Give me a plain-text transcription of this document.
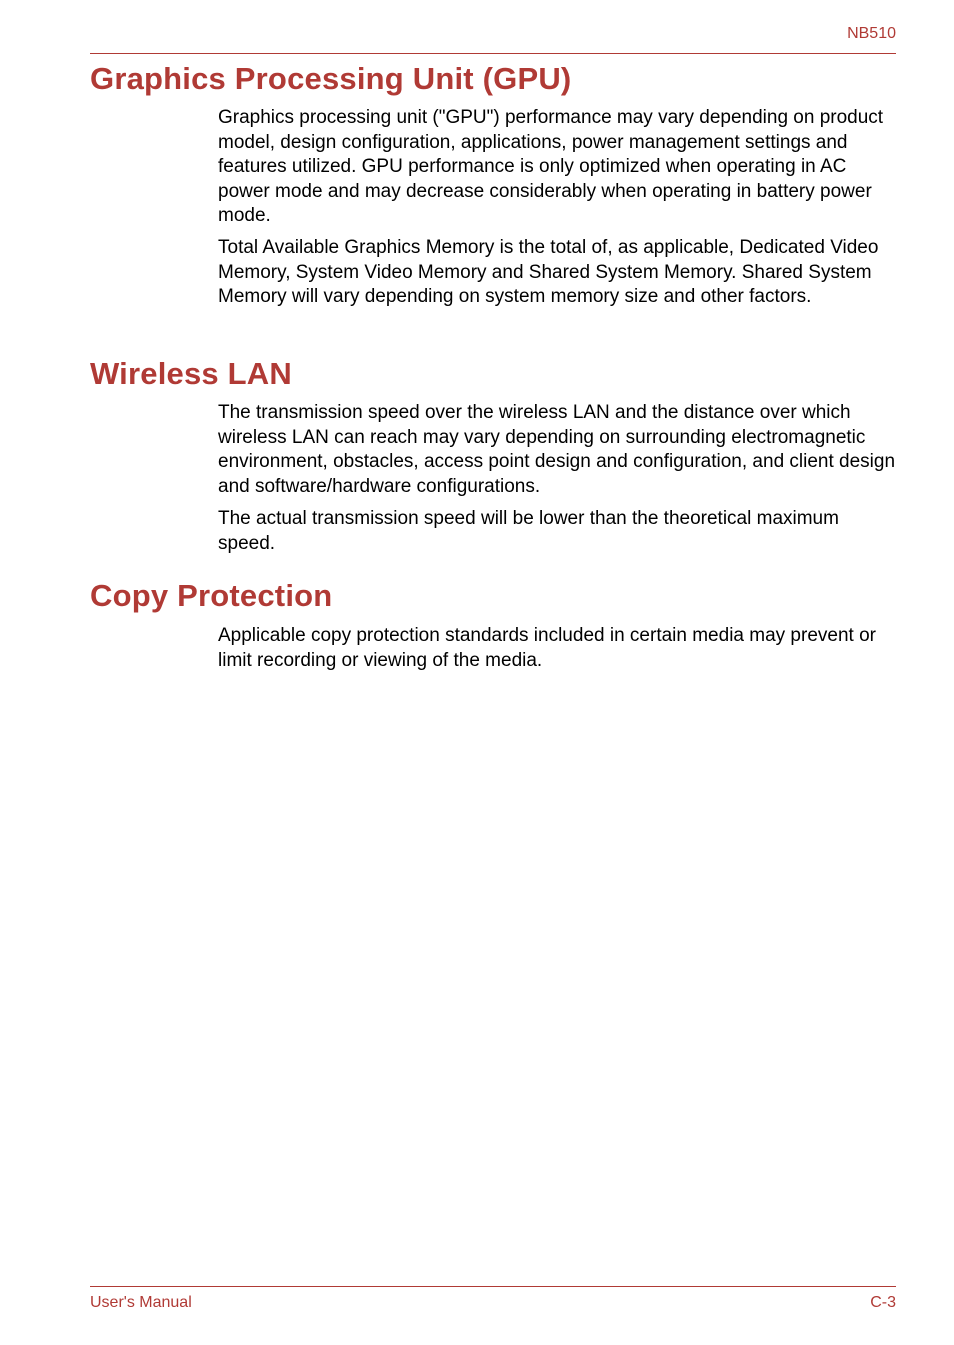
NB510
Graphics Processing Unit (GPU)

Graphics processing unit ("GPU") performance may vary depending on product model, design configuration, applications, power management settings and features utilized. GPU performance is only optimized when operating in AC power mode and may decrease considerably when operating in battery power mode.

Total Available Graphics Memory is the total of, as applicable, Dedicated Video Memory, System Video Memory and Shared System Memory. Shared System Memory will vary depending on system memory size and other factors.

Wireless LAN

The transmission speed over the wireless LAN and the distance over which wireless LAN can reach may vary depending on surrounding electromagnetic environment, obstacles, access point design and configuration, and client design and software/hardware configurations.

The actual transmission speed will be lower than the theoretical maximum speed.

Copy Protection

Applicable copy protection standards included in certain media may prevent or limit recording or viewing of the media.

User's Manual	C-3
